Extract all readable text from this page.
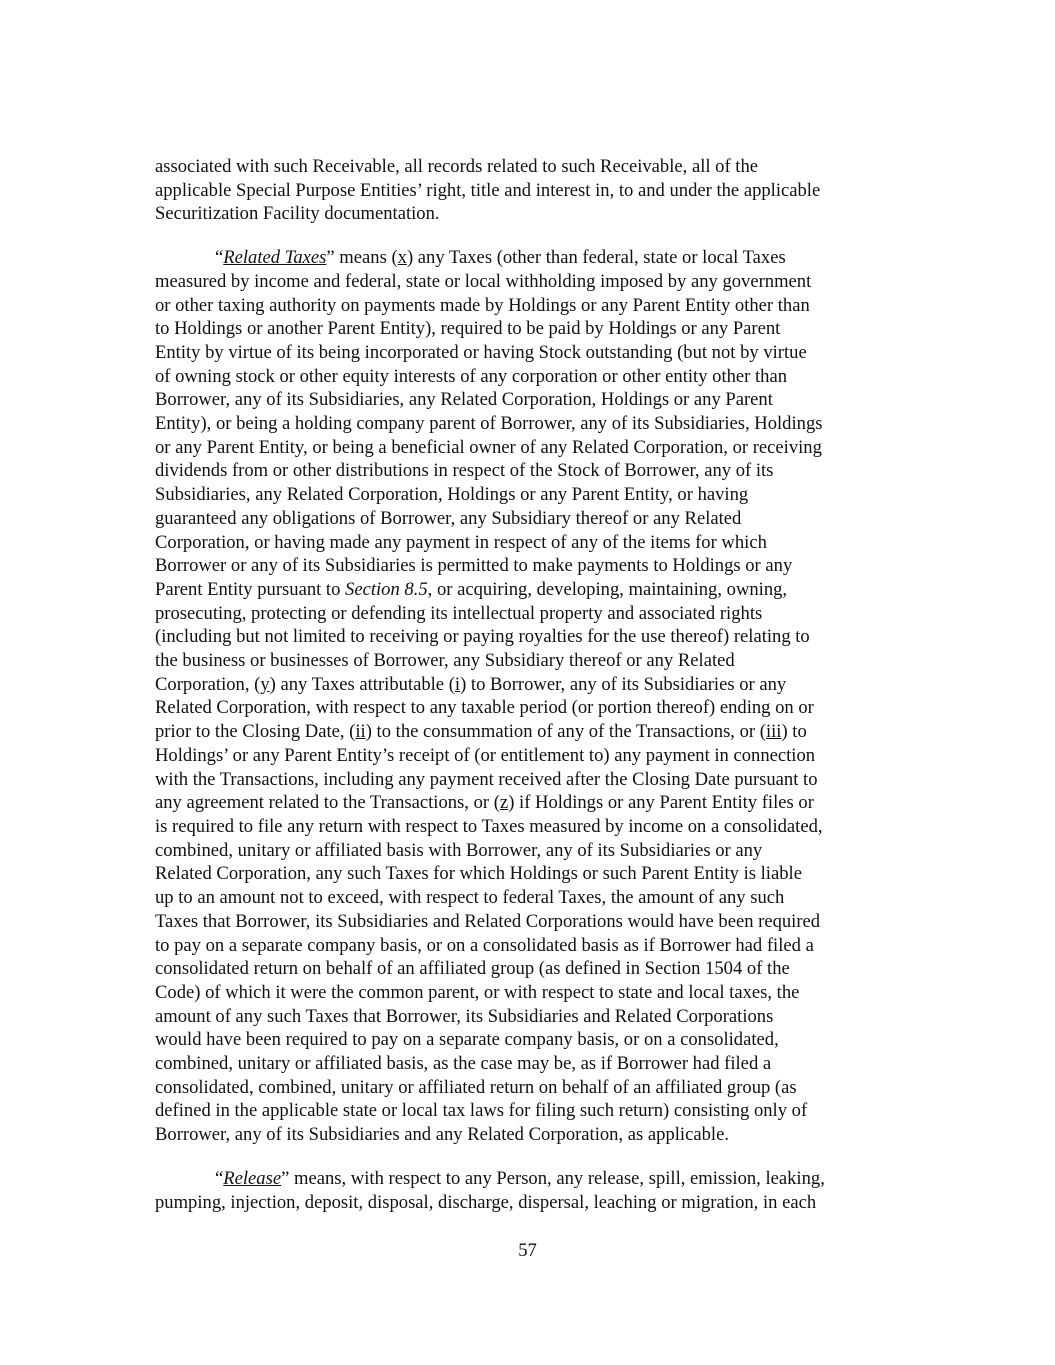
associated with such Receivable, all records related to such Receivable, all of the
applicable Special Purpose Entities’ right, title and interest in, to and under the applicable
Securitization Facility documentation.
“Related Taxes” means (x) any Taxes (other than federal, state or local Taxes
measured by income and federal, state or local withholding imposed by any government
or other taxing authority on payments made by Holdings or any Parent Entity other than
to Holdings or another Parent Entity), required to be paid by Holdings or any Parent
Entity by virtue of its being incorporated or having Stock outstanding (but not by virtue
of owning stock or other equity interests of any corporation or other entity other than
Borrower, any of its Subsidiaries, any Related Corporation, Holdings or any Parent
Entity), or being a holding company parent of Borrower, any of its Subsidiaries, Holdings
or any Parent Entity, or being a beneficial owner of any Related Corporation, or receiving
dividends from or other distributions in respect of the Stock of Borrower, any of its
Subsidiaries, any Related Corporation, Holdings or any Parent Entity, or having
guaranteed any obligations of Borrower, any Subsidiary thereof or any Related
Corporation, or having made any payment in respect of any of the items for which
Borrower or any of its Subsidiaries is permitted to make payments to Holdings or any
Parent Entity pursuant to Section 8.5, or acquiring, developing, maintaining, owning,
prosecuting, protecting or defending its intellectual property and associated rights
(including but not limited to receiving or paying royalties for the use thereof) relating to
the business or businesses of Borrower, any Subsidiary thereof or any Related
Corporation, (y) any Taxes attributable (i) to Borrower, any of its Subsidiaries or any
Related Corporation, with respect to any taxable period (or portion thereof) ending on or
prior to the Closing Date, (ii) to the consummation of any of the Transactions, or (iii) to
Holdings’ or any Parent Entity’s receipt of (or entitlement to) any payment in connection
with the Transactions, including any payment received after the Closing Date pursuant to
any agreement related to the Transactions, or (z) if Holdings or any Parent Entity files or
is required to file any return with respect to Taxes measured by income on a consolidated,
combined, unitary or affiliated basis with Borrower, any of its Subsidiaries or any
Related Corporation, any such Taxes for which Holdings or such Parent Entity is liable
up to an amount not to exceed, with respect to federal Taxes, the amount of any such
Taxes that Borrower, its Subsidiaries and Related Corporations would have been required
to pay on a separate company basis, or on a consolidated basis as if Borrower had filed a
consolidated return on behalf of an affiliated group (as defined in Section 1504 of the
Code) of which it were the common parent, or with respect to state and local taxes, the
amount of any such Taxes that Borrower, its Subsidiaries and Related Corporations
would have been required to pay on a separate company basis, or on a consolidated,
combined, unitary or affiliated basis, as the case may be, as if Borrower had filed a
consolidated, combined, unitary or affiliated return on behalf of an affiliated group (as
defined in the applicable state or local tax laws for filing such return) consisting only of
Borrower, any of its Subsidiaries and any Related Corporation, as applicable.
“Release” means, with respect to any Person, any release, spill, emission, leaking,
pumping, injection, deposit, disposal, discharge, dispersal, leaching or migration, in each
57
